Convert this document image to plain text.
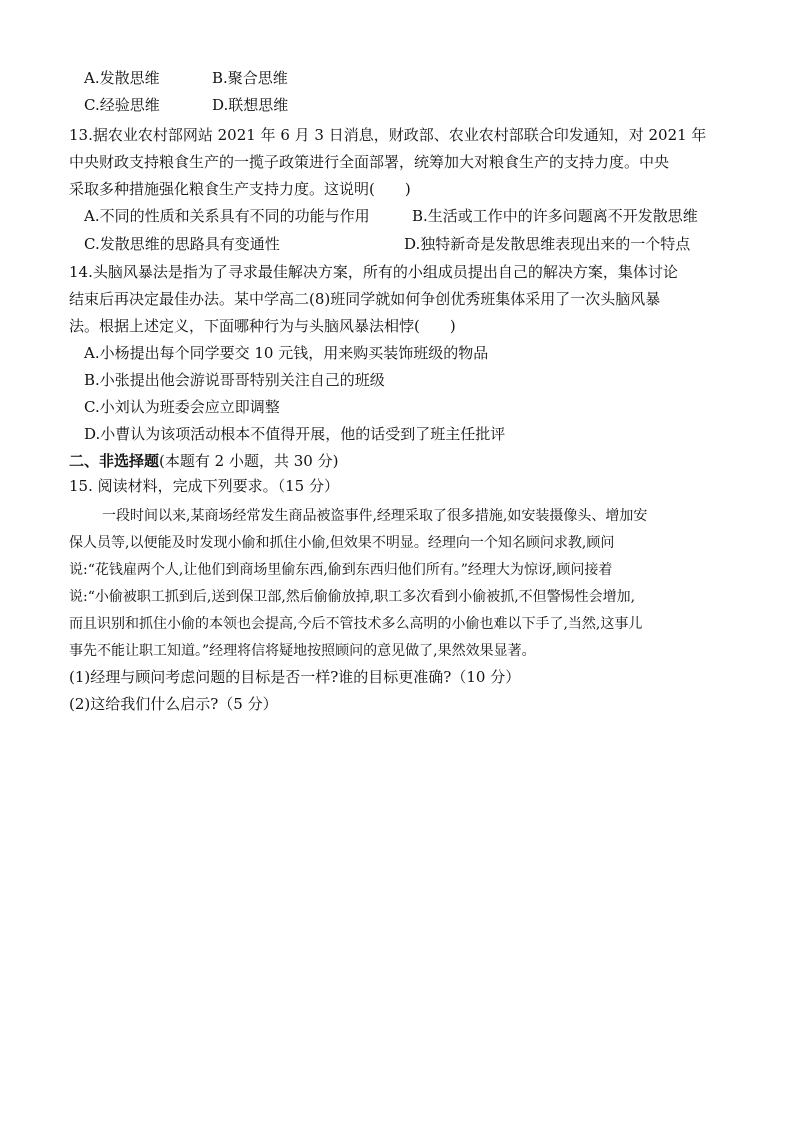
A.发散思维	B.聚合思维
C.经验思维	D.联想思维
13.据农业农村部网站 2021 年 6 月 3 日消息，财政部、农业农村部联合印发通知，对 2021 年
中央财政支持粮食生产的一揽子政策进行全面部署，统筹加大对粮食生产的支持力度。中央
采取多种措施强化粮食生产支持力度。这说明(　　)
A.不同的性质和关系具有不同的功能与作用	B.生活或工作中的许多问题离不开发散思维
C.发散思维的思路具有变通性	D.独特新奇是发散思维表现出来的一个特点
14.头脑风暴法是指为了寻求最佳解决方案，所有的小组成员提出自己的解决方案，集体讨论
结束后再决定最佳办法。某中学高二(8)班同学就如何争创优秀班集体采用了一次头脑风暴
法。根据上述定义，下面哪种行为与头脑风暴法相悖(　　)
A.小杨提出每个同学要交 10 元钱，用来购买装饰班级的物品
B.小张提出他会游说哥哥特别关注自己的班级
C.小刘认为班委会应立即调整
D.小曹认为该项活动根本不值得开展，他的话受到了班主任批评
二、非选择题(本题有 2 小题，共 30 分)
15. 阅读材料，完成下列要求。（15 分）
一段时间以来,某商场经常发生商品被盗事件,经理采取了很多措施,如安装摄像头、增加安
保人员等,以便能及时发现小偷和抓住小偷,但效果不明显。经理向一个知名顾问求教,顾问
说:“花钱雇两个人,让他们到商场里偷东西,偷到东西归他们所有。”经理大为惊讶,顾问接着
说:“小偷被职工抓到后,送到保卫部,然后偷偷放掉,职工多次看到小偷被抓,不但警惕性会增加,
而且识别和抓住小偷的本领也会提高,今后不管技术多么高明的小偷也难以下手了,当然,这事儿
事先不能让职工知道。”经理将信将疑地按照顾问的意见做了,果然效果显著。
(1)经理与顾问考虑问题的目标是否一样?谁的目标更准确?（10 分）
(2)这给我们什么启示?（5 分）
